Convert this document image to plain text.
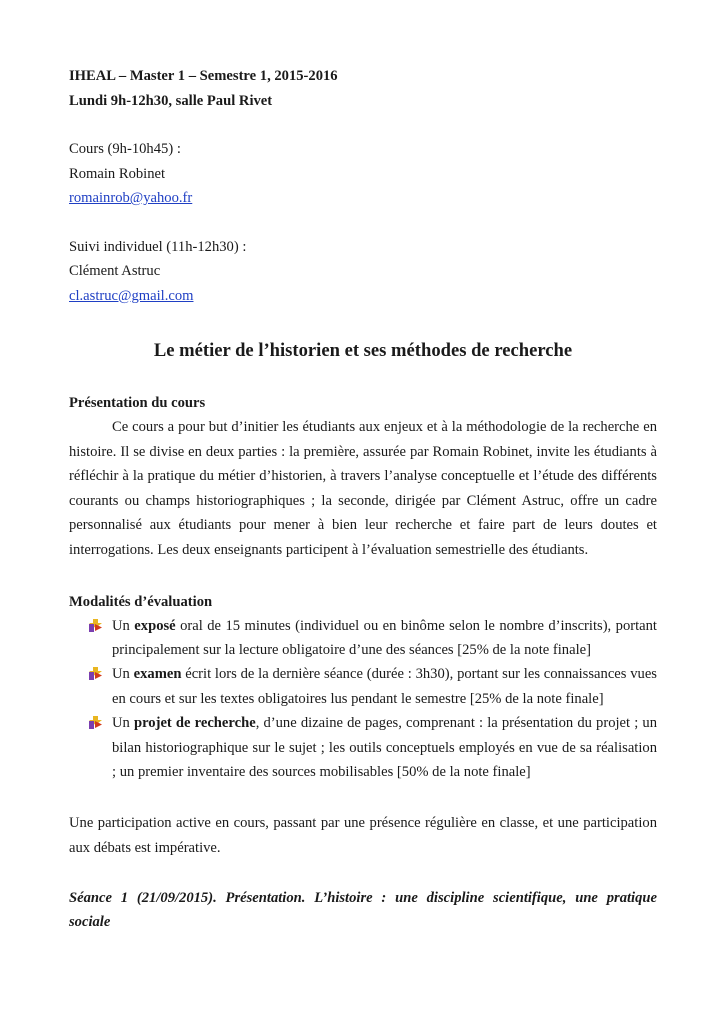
IHEAL – Master 1 – Semestre 1, 2015-2016
Lundi 9h-12h30, salle Paul Rivet
Cours (9h-10h45) :
Romain Robinet
romainrob@yahoo.fr
Suivi individuel (11h-12h30) :
Clément Astruc
cl.astruc@gmail.com
Le métier de l’historien et ses méthodes de recherche
Présentation du cours
Ce cours a pour but d’initier les étudiants aux enjeux et à la méthodologie de la recherche en histoire. Il se divise en deux parties : la première, assurée par Romain Robinet, invite les étudiants à réfléchir à la pratique du métier d’historien, à travers l’analyse conceptuelle et l’étude des différents courants ou champs historiographiques ; la seconde, dirigée par Clément Astruc, offre un cadre personnalisé aux étudiants pour mener à bien leur recherche et faire part de leurs doutes et interrogations. Les deux enseignants participent à l’évaluation semestrielle des étudiants.
Modalités d’évaluation
Un exposé oral de 15 minutes (individuel ou en binôme selon le nombre d’inscrits), portant principalement sur la lecture obligatoire d’une des séances [25% de la note finale]
Un examen écrit lors de la dernière séance (durée : 3h30), portant sur les connaissances vues en cours et sur les textes obligatoires lus pendant le semestre [25% de la note finale]
Un projet de recherche, d’une dizaine de pages, comprenant : la présentation du projet ; un bilan historiographique sur le sujet ; les outils conceptuels employés en vue de sa réalisation ; un premier inventaire des sources mobilisables [50% de la note finale]
Une participation active en cours, passant par une présence régulière en classe, et une participation aux débats est impérative.
Séance 1 (21/09/2015). Présentation. L’histoire : une discipline scientifique, une pratique
sociale
